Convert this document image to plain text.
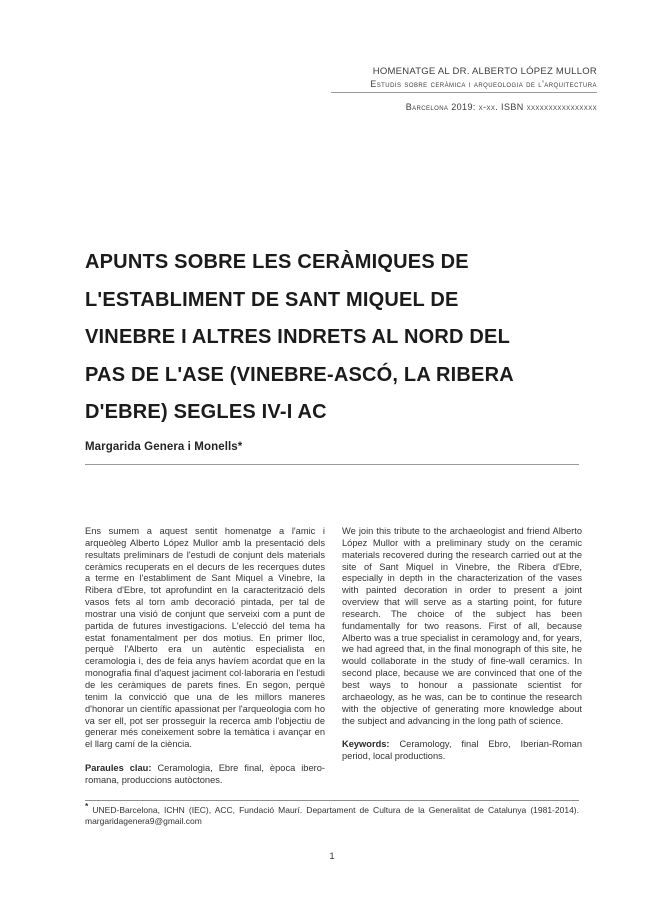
HOMENATGE AL DR. ALBERTO LÓPEZ MULLOR
Estudis sobre ceràmica i arqueologia de l'arquitectura
Barcelona 2019: x-xx. ISBN xxxxxxxxxxxxxxxx
APUNTS SOBRE LES CERÀMIQUES DE
L'ESTABLIMENT DE SANT MIQUEL DE
VINEBRE I ALTRES INDRETS AL NORD DEL
PAS DE L'ASE (VINEBRE-ASCÓ, LA RIBERA
D'EBRE) SEGLES IV-I AC
Margarida Genera i Monells*

Ens sumem a aquest sentit homenatge a l'amic i arqueòleg Alberto López Mullor amb la presentació dels resultats preliminars de l'estudi de conjunt dels materials ceràmics recuperats en el decurs de les recerques dutes a terme en l'establiment de Sant Miquel a Vinebre, la Ribera d'Ebre, tot aprofundint en la caracterització dels vasos fets al torn amb decoració pintada, per tal de mostrar una visió de conjunt que serveixi com a punt de partida de futures investigacions. L'elecció del tema ha estat fonamentalment per dos motius. En primer lloc, perquè l'Alberto era un autèntic especialista en ceramologia i, des de feia anys havíem acordat que en la monografia final d'aquest jaciment col·laboraria en l'estudi de les ceràmiques de parets fines. En segon, perquè tenim la convicció que una de les millors maneres d'honorar un científic apassionat per l'arqueologia com ho va ser ell, pot ser prosseguir la recerca amb l'objectiu de generar més coneixement sobre la temàtica i avançar en el llarg camí de la ciència.

Paraules clau: Ceramologia, Ebre final, època ibero-romana, produccions autòctones.

We join this tribute to the archaeologist and friend Alberto López Mullor with a preliminary study on the ceramic materials recovered during the research carried out at the site of Sant Miquel in Vinebre, the Ribera d'Ebre, especially in depth in the characterization of the vases with painted decoration in order to present a joint overview that will serve as a starting point, for future research. The choice of the subject has been fundamentally for two reasons. First of all, because Alberto was a true specialist in ceramology and, for years, we had agreed that, in the final monograph of this site, he would collaborate in the study of fine-wall ceramics. In second place, because we are convinced that one of the best ways to honour a passionate scientist for archaeology, as he was, can be to continue the research with the objective of generating more knowledge about the subject and advancing in the long path of science.

Keywords: Ceramology, final Ebro, Iberian-Roman period, local productions.

* UNED-Barcelona, ICHN (IEC), ACC, Fundació Maurí. Departament de Cultura de la Generalitat de Catalunya (1981-2014). margaridagenera9@gmail.com

1
